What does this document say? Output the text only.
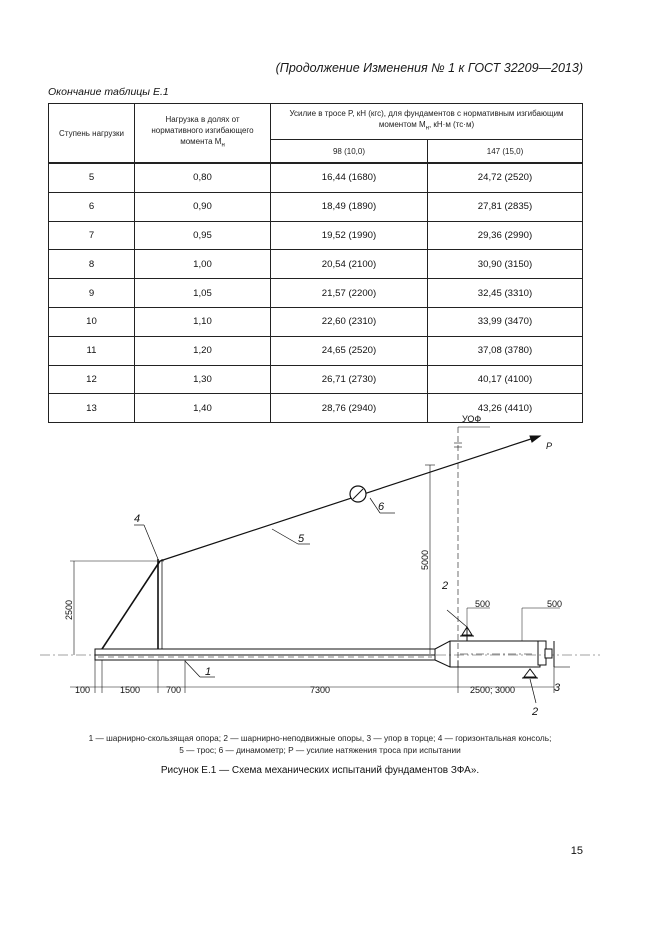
(Продолжение Изменения № 1 к ГОСТ 32209—2013)
Окончание таблицы Е.1
Ступень нагрузки	Нагрузка в долях от нормативного изгибающего момента $M_н$	Усилие в тросе P, кН (кгс), для фундаментов с нормативным изгибающим моментом $M_н$, кН·м (тс·м)	
		98 (10,0)	147 (15,0)
5	0,80	16,44 (1680)	24,72 (2520)
6	0,90	18,49 (1890)	27,81 (2835)
7	0,95	19,52 (1990)	29,36 (2990)
8	1,00	20,54 (2100)	30,90 (3150)
9	1,05	21,57 (2200)	32,45 (3310)
10	1,10	22,60 (2310)	33,99 (3470)
11	1,20	24,65 (2520)	37,08 (3780)
12	1,30	26,71 (2730)	40,17 (4100)
13	1,40	28,76 (2940)	43,26 (4410)
УОФ
P
2500
5000
500	500
100	1500	700	7300	2500; 3000
1
2
2
3
4
5
6
1 — шарнирно-скользящая опора; 2 — шарнирно-неподвижные опоры, 3 — упор в торце; 4 — горизонтальная консоль;
5 — трос; 6 — динамометр; P — усилие натяжения троса при испытании
Рисунок Е.1 — Схема механических испытаний фундаментов ЗФА».
15
